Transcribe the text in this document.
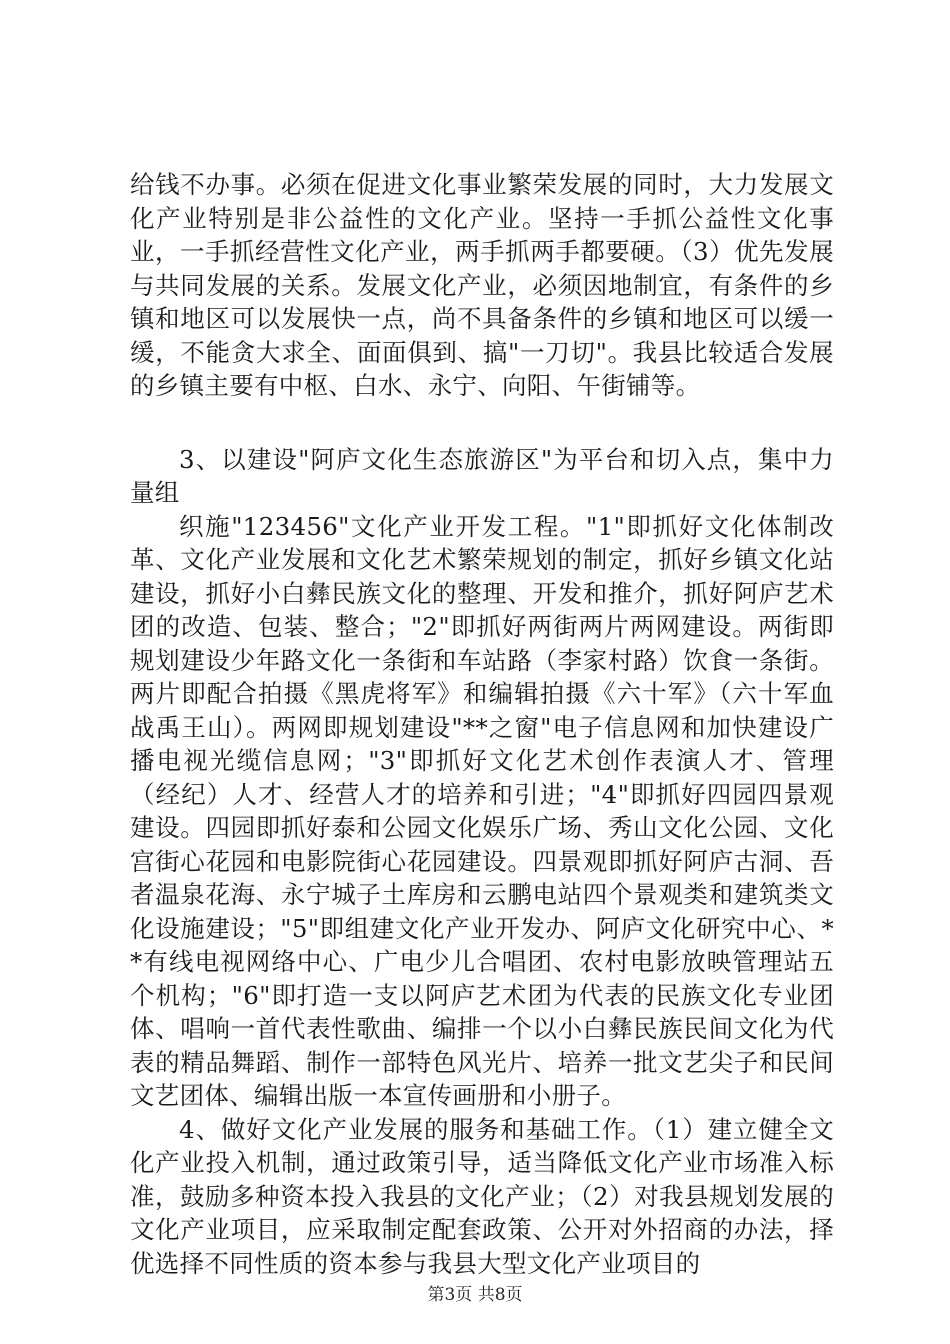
给钱不办事。必须在促进文化事业繁荣发展的同时，大力发展文化产业特别是非公益性的文化产业。坚持一手抓公益性文化事业，一手抓经营性文化产业，两手抓两手都要硬。（3）优先发展与共同发展的关系。发展文化产业，必须因地制宜，有条件的乡镇和地区可以发展快一点，尚不具备条件的乡镇和地区可以缓一缓，不能贪大求全、面面俱到、搞"一刀切"。我县比较适合发展的乡镇主要有中枢、白水、永宁、向阳、午街铺等。

3、以建设"阿庐文化生态旅游区"为平台和切入点，集中力量组

织施"123456"文化产业开发工程。"1"即抓好文化体制改革、文化产业发展和文化艺术繁荣规划的制定，抓好乡镇文化站建设，抓好小白彝民族文化的整理、开发和推介，抓好阿庐艺术团的改造、包装、整合；"2"即抓好两街两片两网建设。两街即规划建设少年路文化一条街和车站路（李家村路）饮食一条街。两片即配合拍摄《黑虎将军》和编辑拍摄《六十军》（六十军血战禹王山）。两网即规划建设"**之窗"电子信息网和加快建设广播电视光缆信息网；"3"即抓好文化艺术创作表演人才、管理（经纪）人才、经营人才的培养和引进；"4"即抓好四园四景观建设。四园即抓好泰和公园文化娱乐广场、秀山文化公园、文化宫街心花园和电影院街心花园建设。四景观即抓好阿庐古洞、吾者温泉花海、永宁城子土库房和云鹏电站四个景观类和建筑类文化设施建设；"5"即组建文化产业开发办、阿庐文化研究中心、**有线电视网络中心、广电少儿合唱团、农村电影放映管理站五个机构；"6"即打造一支以阿庐艺术团为代表的民族文化专业团体、唱响一首代表性歌曲、编排一个以小白彝民族民间文化为代表的精品舞蹈、制作一部特色风光片、培养一批文艺尖子和民间文艺团体、编辑出版一本宣传画册和小册子。

4、做好文化产业发展的服务和基础工作。（1）建立健全文化产业投入机制，通过政策引导，适当降低文化产业市场准入标准，鼓励多种资本投入我县的文化产业；（2）对我县规划发展的文化产业项目，应采取制定配套政策、公开对外招商的办法，择优选择不同性质的资本参与我县大型文化产业项目的

第3页 共8页
